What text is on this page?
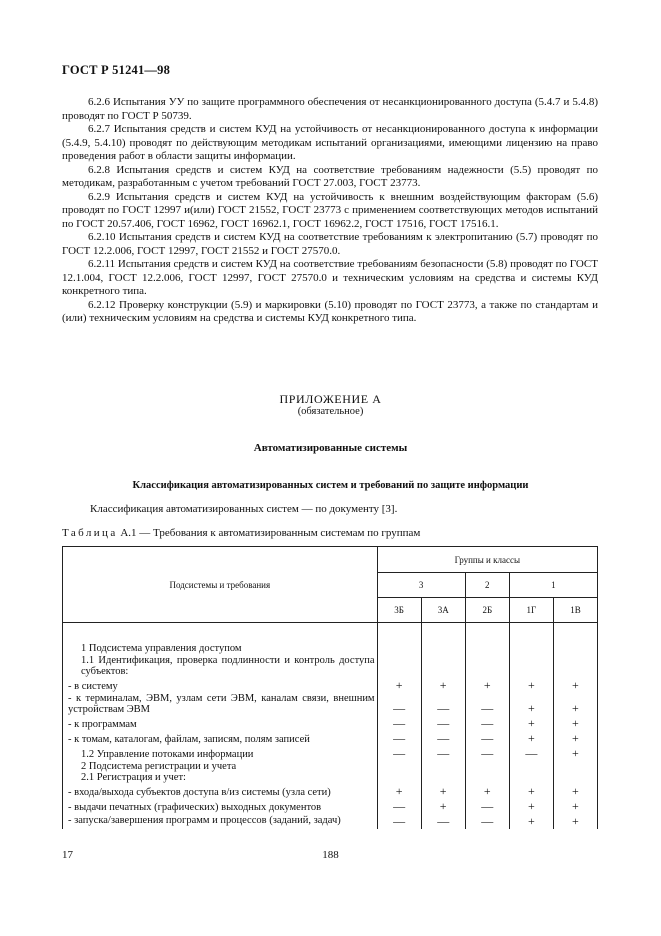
ГОСТ Р 51241—98

6.2.6 Испытания УУ по защите программного обеспечения от несанкционированного доступа (5.4.7 и 5.4.8) проводят по ГОСТ Р 50739.

6.2.7 Испытания средств и систем КУД на устойчивость от несанкционированного доступа к информации (5.4.9, 5.4.10) проводят по действующим методикам испытаний организациями, имеющими лицензию на право проведения работ в области защиты информации.

6.2.8 Испытания средств и систем КУД на соответствие требованиям надежности (5.5) проводят по методикам, разработанным с учетом требований ГОСТ 27.003, ГОСТ 23773.

6.2.9 Испытания средств и систем КУД на устойчивость к внешним воздействующим факторам (5.6) проводят по ГОСТ 12997 и(или) ГОСТ 21552, ГОСТ 23773 с применением соответствующих методов испытаний по ГОСТ 20.57.406, ГОСТ 16962, ГОСТ 16962.1, ГОСТ 16962.2, ГОСТ 17516, ГОСТ 17516.1.

6.2.10 Испытания средств и систем КУД на соответствие требованиям к электропитанию (5.7) проводят по ГОСТ 12.2.006, ГОСТ 12997, ГОСТ 21552 и ГОСТ 27570.0.

6.2.11 Испытания средств и систем КУД на соответствие требованиям безопасности (5.8) проводят по ГОСТ 12.1.004, ГОСТ 12.2.006, ГОСТ 12997, ГОСТ 27570.0 и техническим условиям на средства и системы КУД конкретного типа.

6.2.12 Проверку конструкции (5.9) и маркировки (5.10) проводят по ГОСТ 23773, а также по стандартам и (или) техническим условиям на средства и системы КУД конкретного типа.

ПРИЛОЖЕНИЕ А
(обязательное)
Автоматизированные системы
Классификация автоматизированных систем и требований по защите информации
Классификация автоматизированных систем — по документу [3].
Таблица А.1 — Требования к автоматизированным системам по группам
Подсистемы и требования	Группы и классы				
	3		2	1	
	3Б	3А	2Б	1Г	1В
1 Подсистема управления доступом					
1.1 Идентификация, проверка подлинности и контроль доступа субъектов:					
- в систему	+	+	+	+	+
- к терминалам, ЭВМ, узлам сети ЭВМ, каналам связи, внешним устройствам ЭВМ	—	—	—	+	+
- к программам	—	—	—	+	+
- к томам, каталогам, файлам, записям, полям записей	—	—	—	+	+
1.2 Управление потоками информации	—	—	—	—	+
2 Подсистема регистрации и учета					
2.1 Регистрация и учет:					
- входа/выхода субъектов доступа в/из системы (узла сети)	+	+	+	+	+
- выдачи печатных (графических) выходных документов	—	+	—	+	+
- запуска/завершения программ и процессов (заданий, задач)	—	—	—	+	+
17	188
